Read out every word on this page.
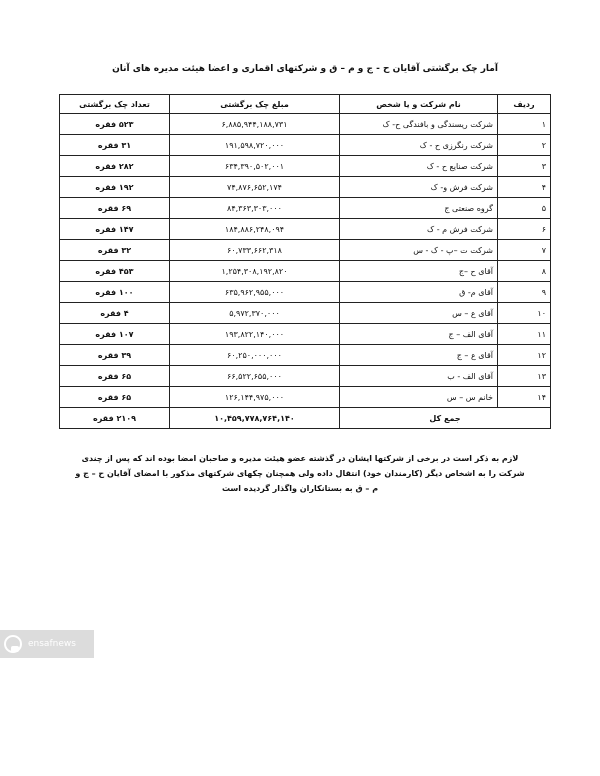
آمار چک برگشتی آقایان ح - ج و م – ق و شرکتهای اقماری و اعضا هیئت مدیره های آنان
ردیف	نام شرکت و یا شخص	مبلغ چک برگشتی	تعداد چک برگشتی
۱	شرکت ریسندگی و بافندگی ح- ک	۶,۸۸۵,۹۴۴,۱۸۸,۷۳۱	۵۲۳ فقره
۲	شرکت رنگرزی ح - ک	۱۹۱,۵۹۸,۷۲۰,۰۰۰	۳۱ فقره
۳	شرکت صنایع ح - ک	۶۳۴,۳۹۰,۵۰۲,۰۰۱	۲۸۲ فقره
۴	شرکت فرش و- ک	۷۴,۸۷۶,۶۵۲,۱۷۴	۱۹۲ فقره
۵	گروه صنعتی ج	۸۴,۳۶۳,۳۰۳,۰۰۰	۶۹ فقره
۶	شرکت فرش م - ک	۱۸۴,۸۸۶,۲۴۸,۰۹۴	۱۴۷ فقره
۷	شرکت ت –پ - ک - س	۶۰,۷۳۳,۶۶۲,۳۱۸	۳۲ فقره
۸	آقای ح –ج	۱,۲۵۴,۳۰۸,۱۹۲,۸۲۰	۴۵۳ فقره
۹	آقای م- ق	۶۳۵,۹۶۲,۹۵۵,۰۰۰	۱۰۰ فقره
۱۰	آقای ع – س	۵,۹۷۲,۳۷۰,۰۰۰	۴ فقره
۱۱	آقای الف – ج	۱۹۳,۸۲۲,۱۴۰,۰۰۰	۱۰۷ فقره
۱۲	آقای ع – ج	۶۰,۲۵۰,۰۰۰,۰۰۰	۳۹ فقره
۱۳	آقای الف - ب	۶۶,۵۲۲,۶۵۵,۰۰۰	۶۵ فقره
۱۴	خانم س – س	۱۲۶,۱۴۴,۹۷۵,۰۰۰	۶۵ فقره
جمع کل		۱۰,۴۵۹,۷۷۸,۷۶۴,۱۴۰	۲۱۰۹ فقره
لازم به ذکر است در برخی از شرکتها ایشان در گذشته عضو هیئت مدیره و صاحبان امضا بوده اند که پس از چندی شرکت را به اشخاص دیگر (کارمندان خود) انتقال داده ولی همچنان چکهای شرکتهای مذکور با امضای آقایان ح – ج و م – ق به بستانکاران واگذار گردیده است
ensafnews
